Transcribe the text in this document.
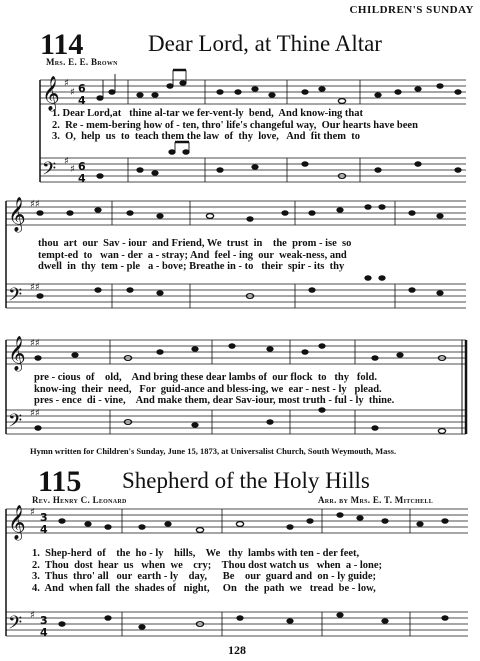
CHILDREN'S SUNDAY
114	Dear Lord, at Thine Altar
Mrs. E. E. Brown
𝄞
𝄢
𝄞
𝄢
𝄞
𝄢
𝄞
𝄢
♯
♯
♯
♯
♯♯
♯♯
♯♯
♯♯
♯
♯
6
4
6
4
3
4
3
4
1. Dear Lord,at   thine al-tar we fer-vent-ly  bend,  And know-ing that
2.  Re - mem-bering how of - ten, thro' life's changeful way,  Our hearts have been
3.  O,  help  us  to  teach them the law  of  thy  love,   And  fit them  to
thou  art  our  Sav - iour  and Friend, We  trust  in    the  prom - ise  so
tempt-ed  to   wan - der  a - stray; And  feel - ing  our  weak-ness, and
dwell  in  thy  tem - ple   a - bove; Breathe in - to   their  spir - its  thy
pre - cious  of    old,    And bring these dear lambs of  our flock  to   thy   fold.
know-ing  their  need,   For  guid-ance and bless-ing, we  ear - nest - ly   plead.
pres - ence  di - vine,    And make them, dear Sav-iour, most truth - ful - ly  thine.
Hymn written for Children's Sunday, June 15, 1873, at Universalist Church, South Weymouth, Mass.
115 Shepherd of the Holy Hills
Rev. Henry C. Leonard	Arr. by Mrs. E. T. Mitchell
1.  Shep-herd  of    the  ho - ly    hills,    We   thy  lambs with ten - der feet,
2.  Thou  dost  hear  us   when  we    cry;    Thou dost watch us   when  a - lone;
3.  Thus  thro' all   our  earth - ly    day,      Be    our  guard and  on - ly guide;
4.  And  when fall  the  shades of   night,     On   the  path  we   tread  be - low,
128
